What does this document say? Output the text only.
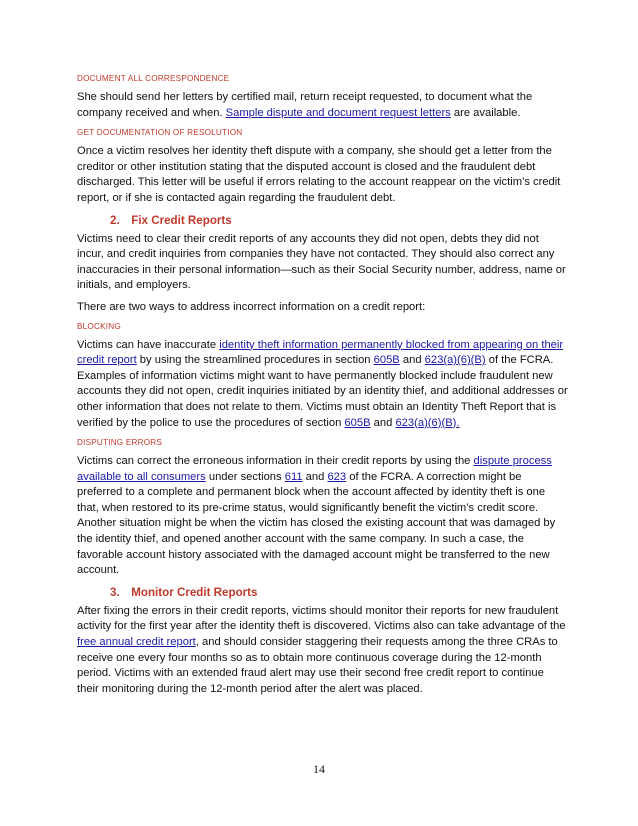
DOCUMENT ALL CORRESPONDENCE

She should send her letters by certified mail, return receipt requested, to document what the company received and when. Sample dispute and document request letters are available.

GET DOCUMENTATION OF RESOLUTION

Once a victim resolves her identity theft dispute with a company, she should get a letter from the creditor or other institution stating that the disputed account is closed and the fraudulent debt discharged. This letter will be useful if errors relating to the account reappear on the victim’s credit report, or if she is contacted again regarding the fraudulent debt.

2. Fix Credit Reports

Victims need to clear their credit reports of any accounts they did not open, debts they did not incur, and credit inquiries from companies they have not contacted. They should also correct any inaccuracies in their personal information—such as their Social Security number, address, name or initials, and employers.

There are two ways to address incorrect information on a credit report:

BLOCKING

Victims can have inaccurate identity theft information permanently blocked from appearing on their credit report by using the streamlined procedures in section 605B and 623(a)(6)(B) of the FCRA. Examples of information victims might want to have permanently blocked include fraudulent new accounts they did not open, credit inquiries initiated by an identity thief, and additional addresses or other information that does not relate to them. Victims must obtain an Identity Theft Report that is verified by the police to use the procedures of section 605B and 623(a)(6)(B).

DISPUTING ERRORS

Victims can correct the erroneous information in their credit reports by using the dispute process available to all consumers under sections 611 and 623 of the FCRA. A correction might be preferred to a complete and permanent block when the account affected by identity theft is one that, when restored to its pre-crime status, would significantly benefit the victim’s credit score. Another situation might be when the victim has closed the existing account that was damaged by the identity thief, and opened another account with the same company. In such a case, the favorable account history associated with the damaged account might be transferred to the new account.

3. Monitor Credit Reports

After fixing the errors in their credit reports, victims should monitor their reports for new fraudulent activity for the first year after the identity theft is discovered. Victims also can take advantage of the free annual credit report, and should consider staggering their requests among the three CRAs to receive one every four months so as to obtain more continuous coverage during the 12-month period. Victims with an extended fraud alert may use their second free credit report to continue their monitoring during the 12-month period after the alert was placed.

14
